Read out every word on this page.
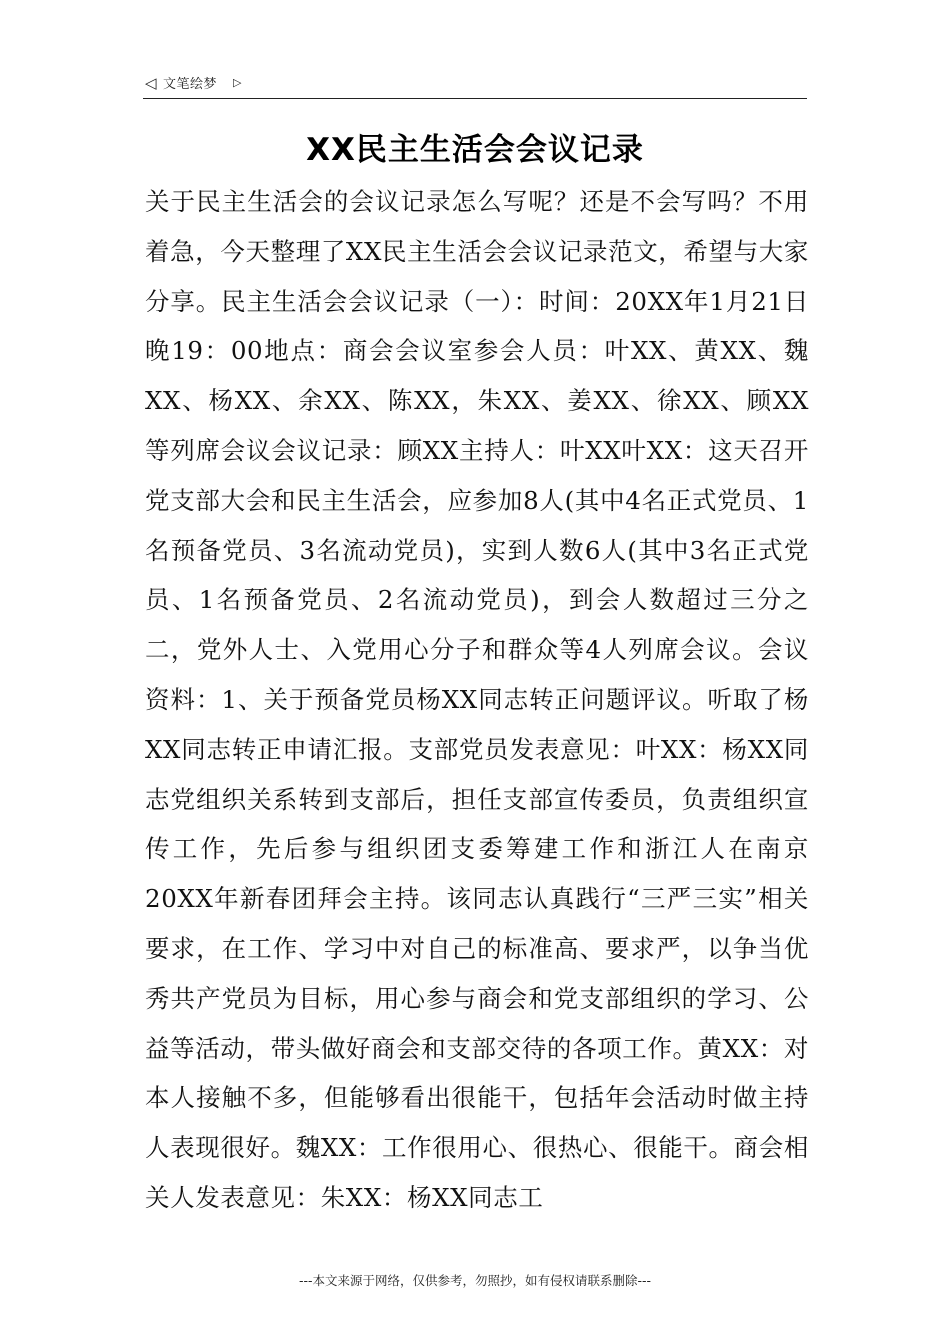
◁ 文笔绘梦 ▷
XX民主生活会会议记录

关于民主生活会的会议记录怎么写呢？还是不会写吗？不用着急，今天整理了XX民主生活会会议记录范文，希望与大家分享。民主生活会会议记录（一）：时间：20XX年1月21日晚19：00地点：商会会议室参会人员：叶XX、黄XX、魏XX、杨XX、余XX、陈XX，朱XX、姜XX、徐XX、顾XX等列席会议会议记录：顾XX主持人：叶XX叶XX：这天召开党支部大会和民主生活会，应参加8人(其中4名正式党员、1名预备党员、3名流动党员)，实到人数6人(其中3名正式党员、1名预备党员、2名流动党员)，到会人数超过三分之二，党外人士、入党用心分子和群众等4人列席会议。会议资料：1、关于预备党员杨XX同志转正问题评议。听取了杨XX同志转正申请汇报。支部党员发表意见：叶XX：杨XX同志党组织关系转到支部后，担任支部宣传委员，负责组织宣传工作，先后参与组织团支委筹建工作和浙江人在南京20XX年新春团拜会主持。该同志认真践行“三严三实”相关要求，在工作、学习中对自己的标准高、要求严，以争当优秀共产党员为目标，用心参与商会和党支部组织的学习、公益等活动，带头做好商会和支部交待的各项工作。黄XX：对本人接触不多，但能够看出很能干，包括年会活动时做主持人表现很好。魏XX：工作很用心、很热心、很能干。商会相关人发表意见：朱XX：杨XX同志工

---本文来源于网络，仅供参考，勿照抄，如有侵权请联系删除---
